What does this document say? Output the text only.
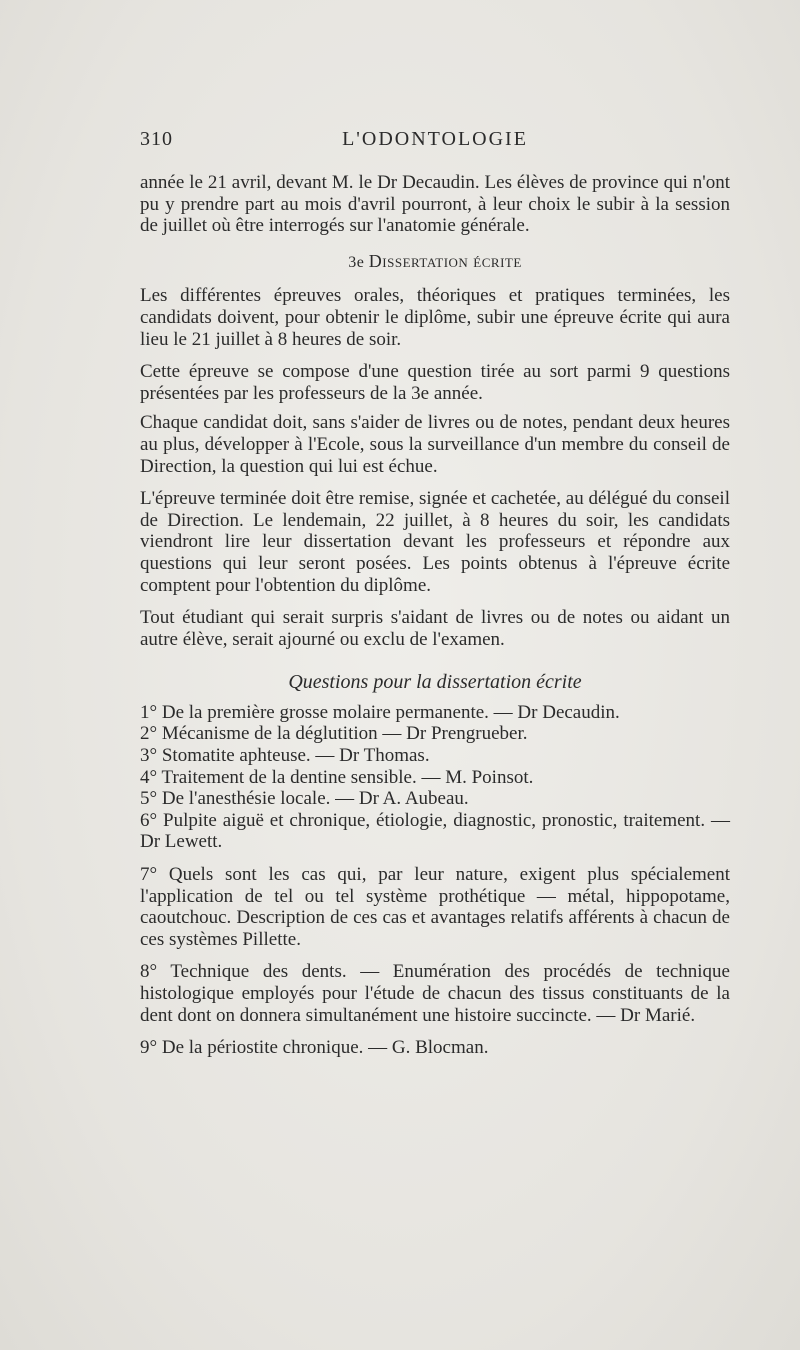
310	L'ODONTOLOGIE

année le 21 avril, devant M. le Dr Decaudin. Les élèves de province qui n'ont pu y prendre part au mois d'avril pourront, à leur choix le subir à la session de juillet où être interrogés sur l'anatomie générale.

3e Dissertation écrite

Les différentes épreuves orales, théoriques et pratiques terminées, les candidats doivent, pour obtenir le diplôme, subir une épreuve écrite qui aura lieu le 21 juillet à 8 heures de soir.

Cette épreuve se compose d'une question tirée au sort parmi 9 questions présentées par les professeurs de la 3e année.

Chaque candidat doit, sans s'aider de livres ou de notes, pendant deux heures au plus, développer à l'Ecole, sous la surveillance d'un membre du conseil de Direction, la question qui lui est échue.

L'épreuve terminée doit être remise, signée et cachetée, au délégué du conseil de Direction. Le lendemain, 22 juillet, à 8 heures du soir, les candidats viendront lire leur dissertation devant les professeurs et répondre aux questions qui leur seront posées. Les points obtenus à l'épreuve écrite comptent pour l'obtention du diplôme.

Tout étudiant qui serait surpris s'aidant de livres ou de notes ou aidant un autre élève, serait ajourné ou exclu de l'examen.

Questions pour la dissertation écrite

1° De la première grosse molaire permanente. — Dr Decaudin.

2° Mécanisme de la déglutition — Dr Prengrueber.

3° Stomatite aphteuse. — Dr Thomas.

4° Traitement de la dentine sensible. — M. Poinsot.

5° De l'anesthésie locale. — Dr A. Aubeau.

6° Pulpite aiguë et chronique, étiologie, diagnostic, pronostic, traitement. — Dr Lewett.

7° Quels sont les cas qui, par leur nature, exigent plus spécialement l'application de tel ou tel système prothétique — métal, hippopotame, caoutchouc. Description de ces cas et avantages relatifs afférents à chacun de ces systèmes Pillette.

8° Technique des dents. — Enumération des procédés de technique histologique employés pour l'étude de chacun des tissus constituants de la dent dont on donnera simultanément une histoire succincte. — Dr Marié.

9° De la périostite chronique. — G. Blocman.
